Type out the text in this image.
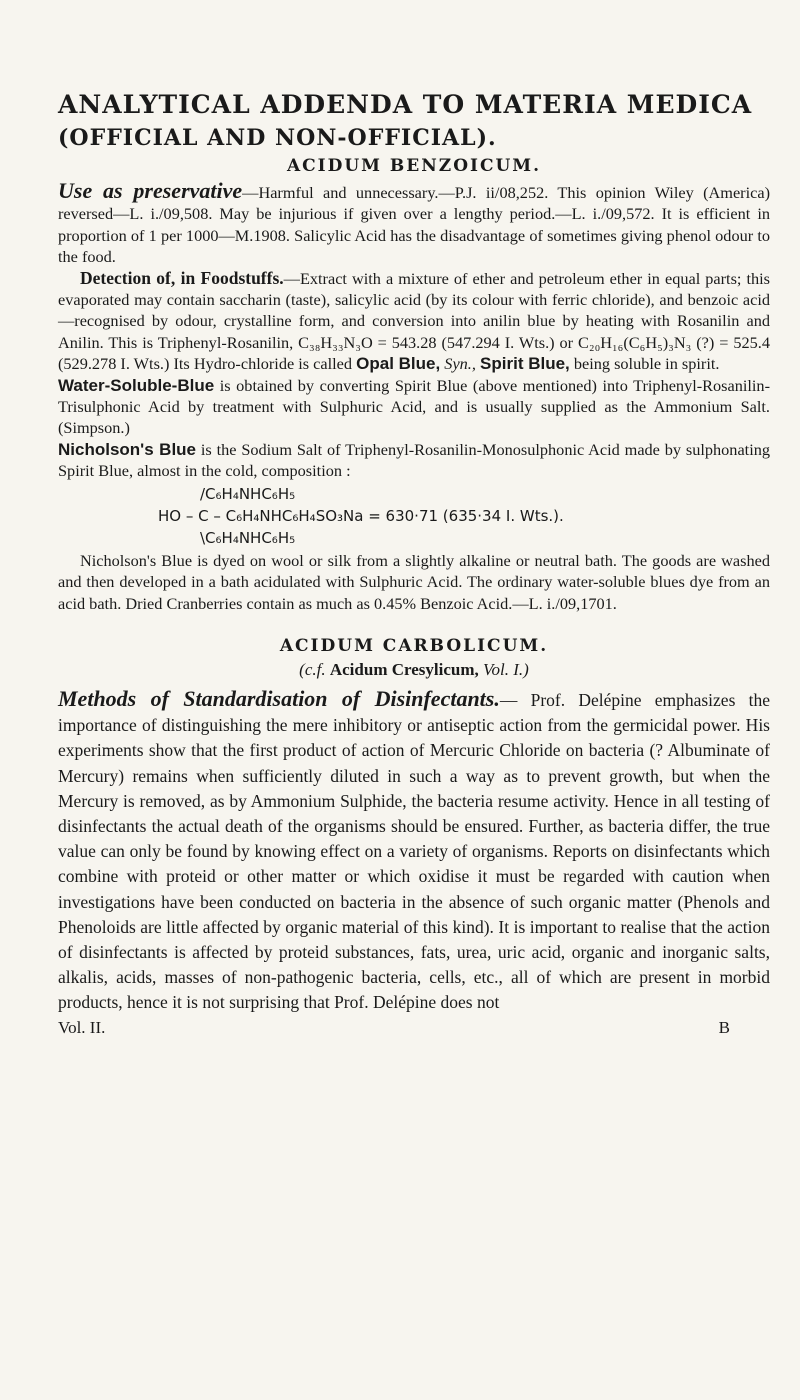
ANALYTICAL ADDENDA TO MATERIA MEDICA
(OFFICIAL AND NON-OFFICIAL).
ACIDUM BENZOICUM.

Use as preservative—Harmful and unnecessary.—P.J. ii/08,252. This opinion Wiley (America) reversed—L. i./09,508. May be injurious if given over a lengthy period.—L. i./09,572. It is efficient in proportion of 1 per 1000—M.1908. Salicylic Acid has the disadvantage of sometimes giving phenol odour to the food.

Detection of, in Foodstuffs.—Extract with a mixture of ether and petroleum ether in equal parts; this evaporated may contain saccharin (taste), salicylic acid (by its colour with ferric chloride), and benzoic acid—recognised by odour, crystalline form, and conversion into anilin blue by heating with Rosanilin and Anilin. This is Triphenyl-Rosanilin, C₃₈H₃₃N₃O = 543.28 (547.294 I. Wts.) or C₂₀H₁₆(C₆H₅)₃N₃ (?) = 525.4 (529.278 I. Wts.) Its Hydro-chloride is called Opal Blue, Syn., Spirit Blue, being soluble in spirit.

Water-Soluble-Blue is obtained by converting Spirit Blue (above mentioned) into Triphenyl-Rosanilin-Trisulphonic Acid by treatment with Sulphuric Acid, and is usually supplied as the Ammonium Salt. (Simpson.)

Nicholson's Blue is the Sodium Salt of Triphenyl-Rosanilin-Monosulphonic Acid made by sulphonating Spirit Blue, almost in the cold, composition :

/C₆H₄NHC₆H₅
HO – C – C₆H₄NHC₆H₄SO₃Na = 630·71 (635·34 I. Wts.).
\C₆H₄NHC₆H₅

Nicholson's Blue is dyed on wool or silk from a slightly alkaline or neutral bath. The goods are washed and then developed in a bath acidulated with Sulphuric Acid. The ordinary water-soluble blues dye from an acid bath. Dried Cranberries contain as much as 0.45% Benzoic Acid.—L. i./09,1701.

ACIDUM CARBOLICUM.
(c.f. Acidum Cresylicum, Vol. I.)

Methods of Standardisation of Disinfectants.— Prof. Delépine emphasizes the importance of distinguishing the mere inhibitory or antiseptic action from the germicidal power. His experiments show that the first product of action of Mercuric Chloride on bacteria (? Albuminate of Mercury) remains when sufficiently diluted in such a way as to prevent growth, but when the Mercury is removed, as by Ammonium Sulphide, the bacteria resume activity. Hence in all testing of disinfectants the actual death of the organisms should be ensured. Further, as bacteria differ, the true value can only be found by knowing effect on a variety of organisms. Reports on disinfectants which combine with proteid or other matter or which oxidise it must be regarded with caution when investigations have been conducted on bacteria in the absence of such organic matter (Phenols and Phenoloids are little affected by organic material of this kind). It is important to realise that the action of disinfectants is affected by proteid substances, fats, urea, uric acid, organic and inorganic salts, alkalis, acids, masses of non-pathogenic bacteria, cells, etc., all of which are present in morbid products, hence it is not surprising that Prof. Delépine does not

Vol. II.	B
